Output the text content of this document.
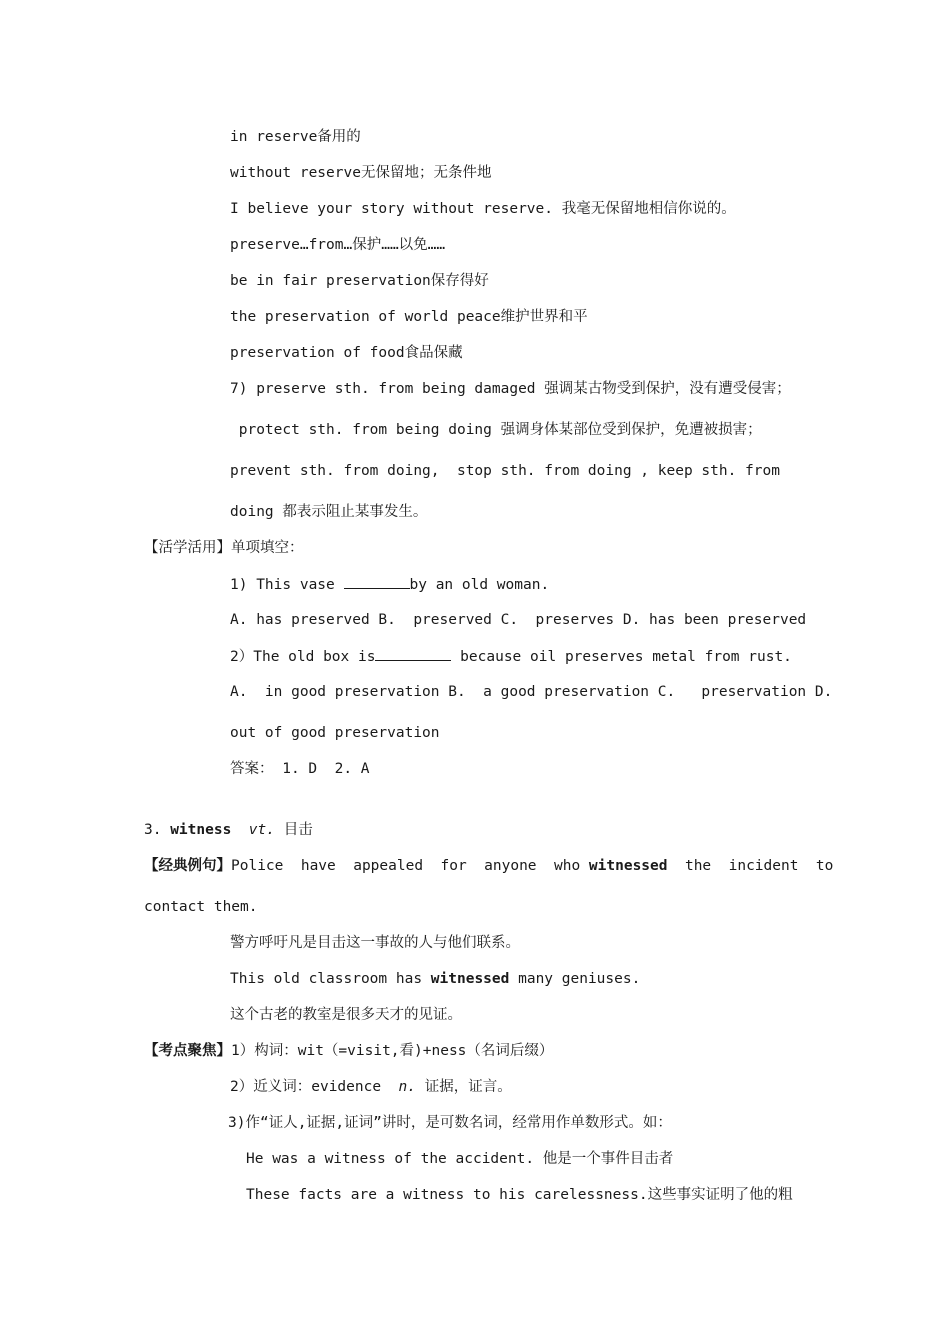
in reserve备用的
without reserve无保留地；无条件地
I believe your story without reserve. 我毫无保留地相信你说的。
preserve…from…保护……以免……
be in fair preservation保存得好
the preservation of world peace维护世界和平
preservation of food食品保藏
7) preserve sth. from being damaged 强调某古物受到保护，没有遭受侵害；
protect sth. from being doing 强调身体某部位受到保护，免遭被损害；
prevent sth. from doing,  stop sth. from doing , keep sth. from
doing 都表示阻止某事发生。
【活学活用】单项填空：
1) This vase	by an old woman.
A. has preserved B.  preserved C.  preserves D. has been preserved
2）The old box is	because oil preserves metal from rust.
A.  in good preservation B.  a good preservation C.   preservation D.
out of good preservation
答案： 1. D  2. A
3. witness vt. 目击
【经典例句】Police  have  appealed  for  anyone  who witnessed  the  incident  to
contact them.
警方呼吁凡是目击这一事故的人与他们联系。
This old classroom has witnessed many geniuses.
这个古老的教室是很多天才的见证。
【考点聚焦】1）构词：wit（=visit,看)+ness（名词后缀）
2）近义词：evidence  n. 证据，证言。
3)作“证人,证据,证词”讲时，是可数名词，经常用作单数形式。如：
He was a witness of the accident. 他是一个事件目击者
These facts are a witness to his carelessness.这些事实证明了他的粗
